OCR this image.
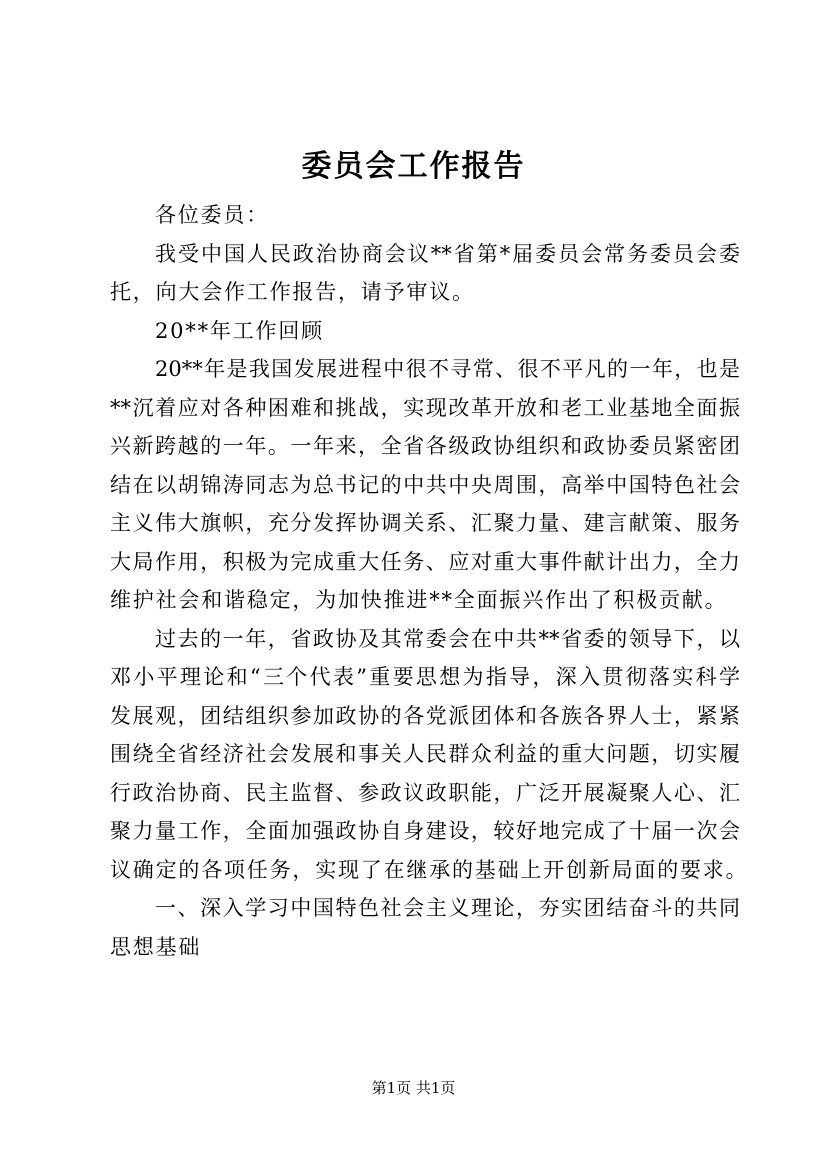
委员会工作报告
各位委员：
我受中国人民政治协商会议**省第*届委员会常务委员会委
托，向大会作工作报告，请予审议。
20**年工作回顾
20**年是我国发展进程中很不寻常、很不平凡的一年，也是
**沉着应对各种困难和挑战，实现改革开放和老工业基地全面振
兴新跨越的一年。一年来，全省各级政协组织和政协委员紧密团
结在以胡锦涛同志为总书记的中共中央周围，高举中国特色社会
主义伟大旗帜，充分发挥协调关系、汇聚力量、建言献策、服务
大局作用，积极为完成重大任务、应对重大事件献计出力，全力
维护社会和谐稳定，为加快推进**全面振兴作出了积极贡献。
过去的一年，省政协及其常委会在中共**省委的领导下，以
邓小平理论和“三个代表”重要思想为指导，深入贯彻落实科学
发展观，团结组织参加政协的各党派团体和各族各界人士，紧紧
围绕全省经济社会发展和事关人民群众利益的重大问题，切实履
行政治协商、民主监督、参政议政职能，广泛开展凝聚人心、汇
聚力量工作，全面加强政协自身建设，较好地完成了十届一次会
议确定的各项任务，实现了在继承的基础上开创新局面的要求。
一、深入学习中国特色社会主义理论，夯实团结奋斗的共同
思想基础
第1页 共1页
